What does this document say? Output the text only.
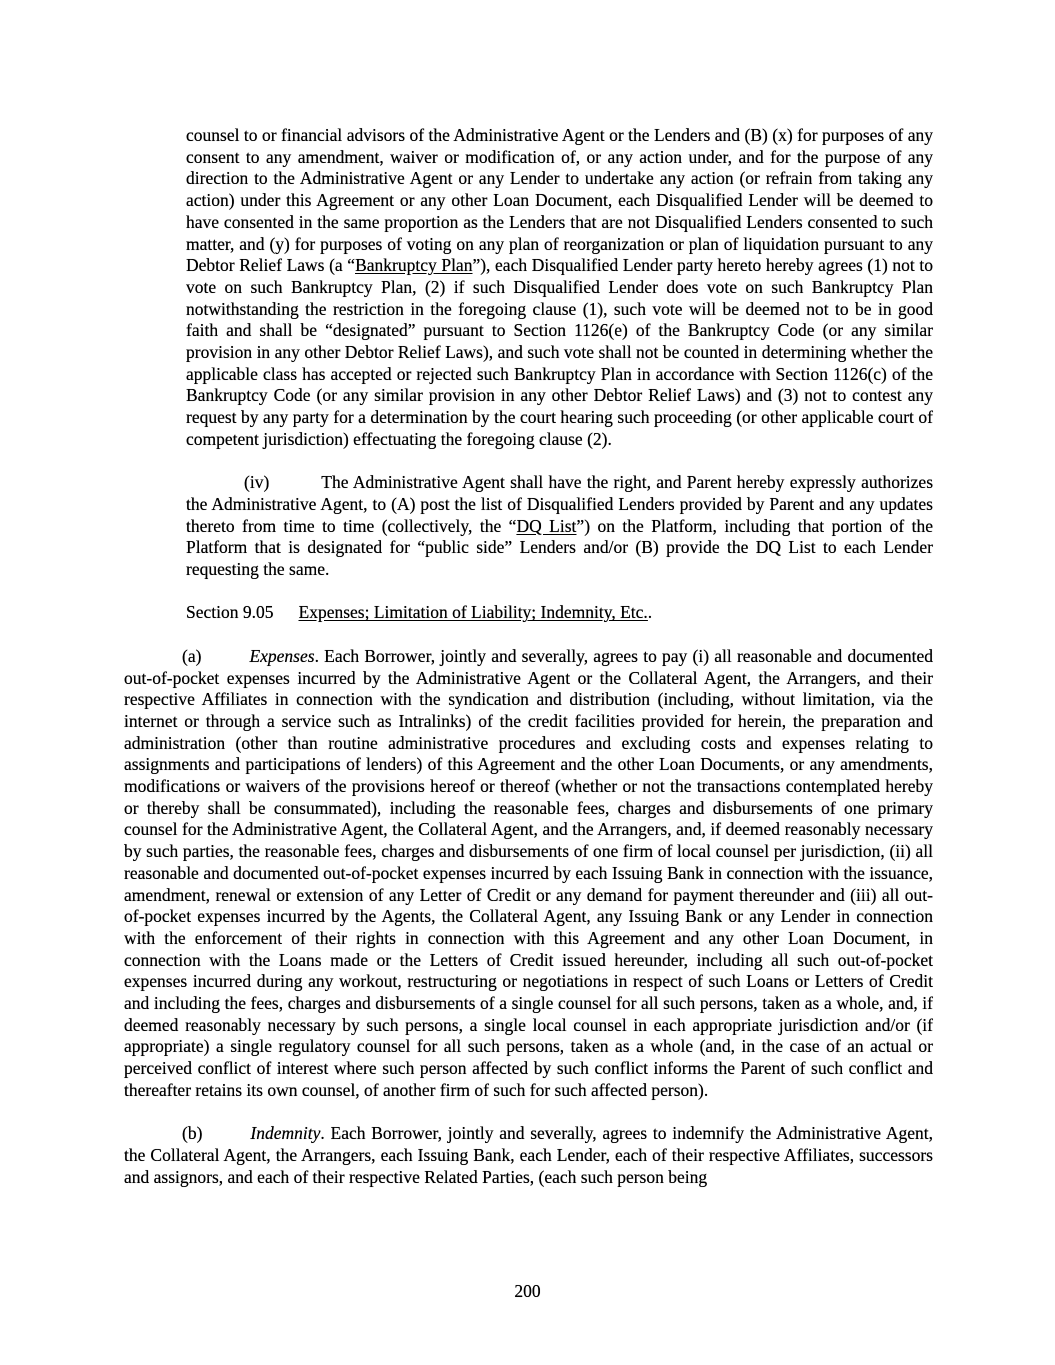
counsel to or financial advisors of the Administrative Agent or the Lenders and (B) (x) for purposes of any consent to any amendment, waiver or modification of, or any action under, and for the purpose of any direction to the Administrative Agent or any Lender to undertake any action (or refrain from taking any action) under this Agreement or any other Loan Document, each Disqualified Lender will be deemed to have consented in the same proportion as the Lenders that are not Disqualified Lenders consented to such matter, and (y) for purposes of voting on any plan of reorganization or plan of liquidation pursuant to any Debtor Relief Laws (a “Bankruptcy Plan”), each Disqualified Lender party hereto hereby agrees (1) not to vote on such Bankruptcy Plan, (2) if such Disqualified Lender does vote on such Bankruptcy Plan notwithstanding the restriction in the foregoing clause (1), such vote will be deemed not to be in good faith and shall be “designated” pursuant to Section 1126(e) of the Bankruptcy Code (or any similar provision in any other Debtor Relief Laws), and such vote shall not be counted in determining whether the applicable class has accepted or rejected such Bankruptcy Plan in accordance with Section 1126(c) of the Bankruptcy Code (or any similar provision in any other Debtor Relief Laws) and (3) not to contest any request by any party for a determination by the court hearing such proceeding (or other applicable court of competent jurisdiction) effectuating the foregoing clause (2).

(iv)	The Administrative Agent shall have the right, and Parent hereby expressly authorizes the Administrative Agent, to (A) post the list of Disqualified Lenders provided by Parent and any updates thereto from time to time (collectively, the “DQ List”) on the Platform, including that portion of the Platform that is designated for “public side” Lenders and/or (B) provide the DQ List to each Lender requesting the same.

Section 9.05 Expenses; Limitation of Liability; Indemnity, Etc..

(a)	Expenses. Each Borrower, jointly and severally, agrees to pay (i) all reasonable and documented out-of-pocket expenses incurred by the Administrative Agent or the Collateral Agent, the Arrangers, and their respective Affiliates in connection with the syndication and distribution (including, without limitation, via the internet or through a service such as Intralinks) of the credit facilities provided for herein, the preparation and administration (other than routine administrative procedures and excluding costs and expenses relating to assignments and participations of lenders) of this Agreement and the other Loan Documents, or any amendments, modifications or waivers of the provisions hereof or thereof (whether or not the transactions contemplated hereby or thereby shall be consummated), including the reasonable fees, charges and disbursements of one primary counsel for the Administrative Agent, the Collateral Agent, and the Arrangers, and, if deemed reasonably necessary by such parties, the reasonable fees, charges and disbursements of one firm of local counsel per jurisdiction, (ii) all reasonable and documented out-of-pocket expenses incurred by each Issuing Bank in connection with the issuance, amendment, renewal or extension of any Letter of Credit or any demand for payment thereunder and (iii) all out-of-pocket expenses incurred by the Agents, the Collateral Agent, any Issuing Bank or any Lender in connection with the enforcement of their rights in connection with this Agreement and any other Loan Document, in connection with the Loans made or the Letters of Credit issued hereunder, including all such out-of-pocket expenses incurred during any workout, restructuring or negotiations in respect of such Loans or Letters of Credit and including the fees, charges and disbursements of a single counsel for all such persons, taken as a whole, and, if deemed reasonably necessary by such persons, a single local counsel in each appropriate jurisdiction and/or (if appropriate) a single regulatory counsel for all such persons, taken as a whole (and, in the case of an actual or perceived conflict of interest where such person affected by such conflict informs the Parent of such conflict and thereafter retains its own counsel, of another firm of such for such affected person).

(b)	Indemnity. Each Borrower, jointly and severally, agrees to indemnify the Administrative Agent, the Collateral Agent, the Arrangers, each Issuing Bank, each Lender, each of their respective Affiliates, successors and assignors, and each of their respective Related Parties, (each such person being

200
